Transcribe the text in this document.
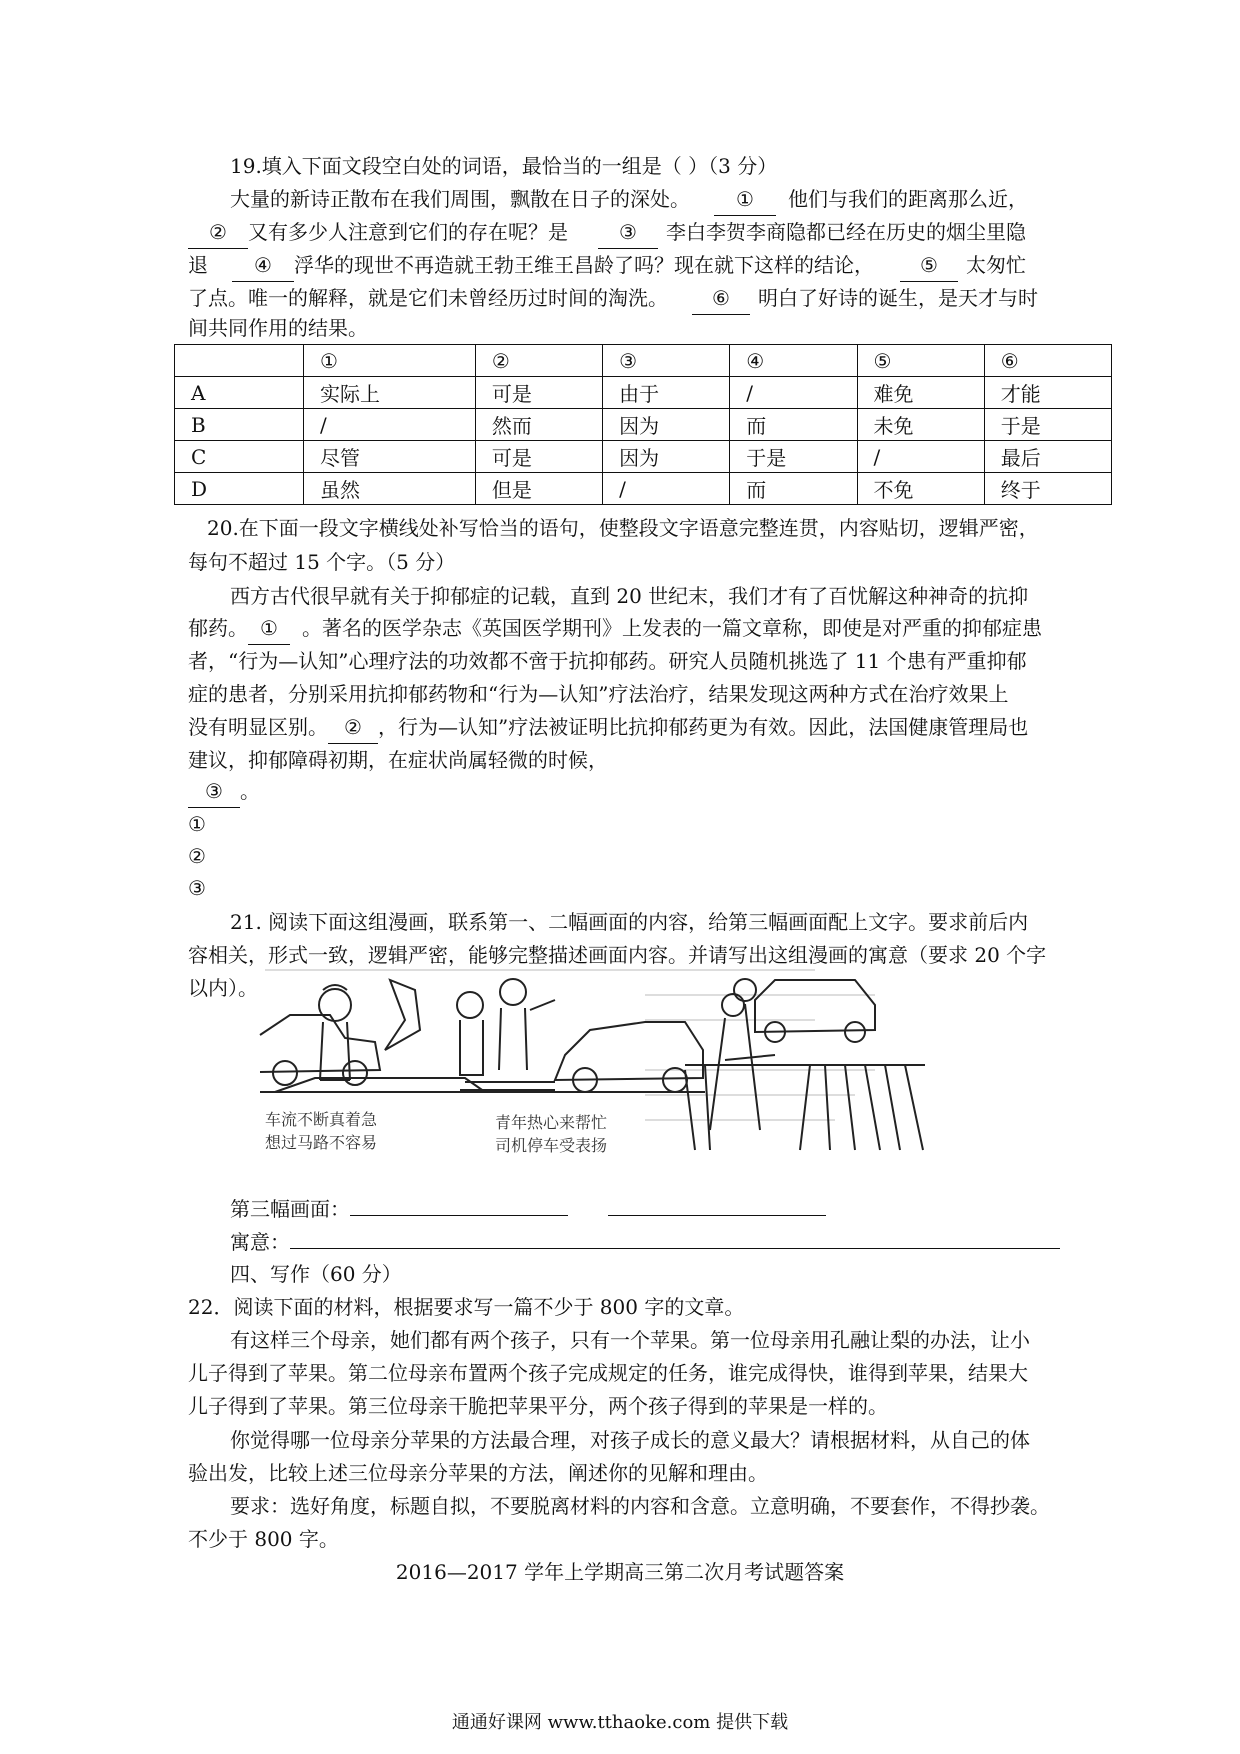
19.填入下面文段空白处的词语，最恰当的一组是（ ）（3 分）
大量的新诗正散布在我们周围，飘散在日子的深处。 ① 他们与我们的距离那么近，
② 又有多少人注意到它们的存在呢？是	③ 李白李贺李商隐都已经在历史的烟尘里隐
退 ④ 浮华的现世不再造就王勃王维王昌龄了吗？现在就下这样的结论， ⑤ 太匆忙
了点。唯一的解释，就是它们未曾经历过时间的淘洗。 ⑥ 明白了好诗的诞生，是天才与时
间共同作用的结果。
	①	②	③	④	⑤	⑥
A	实际上	可是	由于	/	难免	才能
B	/	然而	因为	而	未免	于是
C	尽管	可是	因为	于是	/	最后
D	虽然	但是	/	而	不免	终于
20.在下面一段文字横线处补写恰当的语句，使整段文字语意完整连贯，内容贴切，逻辑严密，
每句不超过 15 个字。（5 分）
西方古代很早就有关于抑郁症的记载，直到 20 世纪末，我们才有了百忧解这种神奇的抗抑
郁药。 ① 。著名的医学杂志《英国医学期刊》上发表的一篇文章称，即使是对严重的抑郁症患
者，“行为—认知”心理疗法的功效都不啻于抗抑郁药。研究人员随机挑选了 11 个患有严重抑郁
症的患者，分别采用抗抑郁药物和“行为—认知”疗法治疗，结果发现这两种方式在治疗效果上
没有明显区别。 ② ，行为—认知”疗法被证明比抗抑郁药更为有效。因此，法国健康管理局也
建议，抑郁障碍初期，在症状尚属轻微的时候，
③ 。
①
②
③
21. 阅读下面这组漫画，联系第一、二幅画面的内容，给第三幅画面配上文字。要求前后内
容相关，形式一致，逻辑严密，能够完整描述画面内容。并请写出这组漫画的寓意（要求 20 个字
以内）。
车流不断真着急
想过马路不容易
青年热心来帮忙
司机停车受表扬
第三幅画面：
寓意：
四、写作（60 分）
22．阅读下面的材料，根据要求写一篇不少于 800 字的文章。
有这样三个母亲，她们都有两个孩子，只有一个苹果。第一位母亲用孔融让梨的办法，让小
儿子得到了苹果。第二位母亲布置两个孩子完成规定的任务，谁完成得快，谁得到苹果，结果大
儿子得到了苹果。第三位母亲干脆把苹果平分，两个孩子得到的苹果是一样的。
你觉得哪一位母亲分苹果的方法最合理，对孩子成长的意义最大？请根据材料，从自己的体
验出发，比较上述三位母亲分苹果的方法，阐述你的见解和理由。
要求：选好角度，标题自拟，不要脱离材料的内容和含意。立意明确，不要套作，不得抄袭。
不少于 800 字。
2016—2017 学年上学期高三第二次月考试题答案
通通好课网 www.tthaoke.com 提供下载
